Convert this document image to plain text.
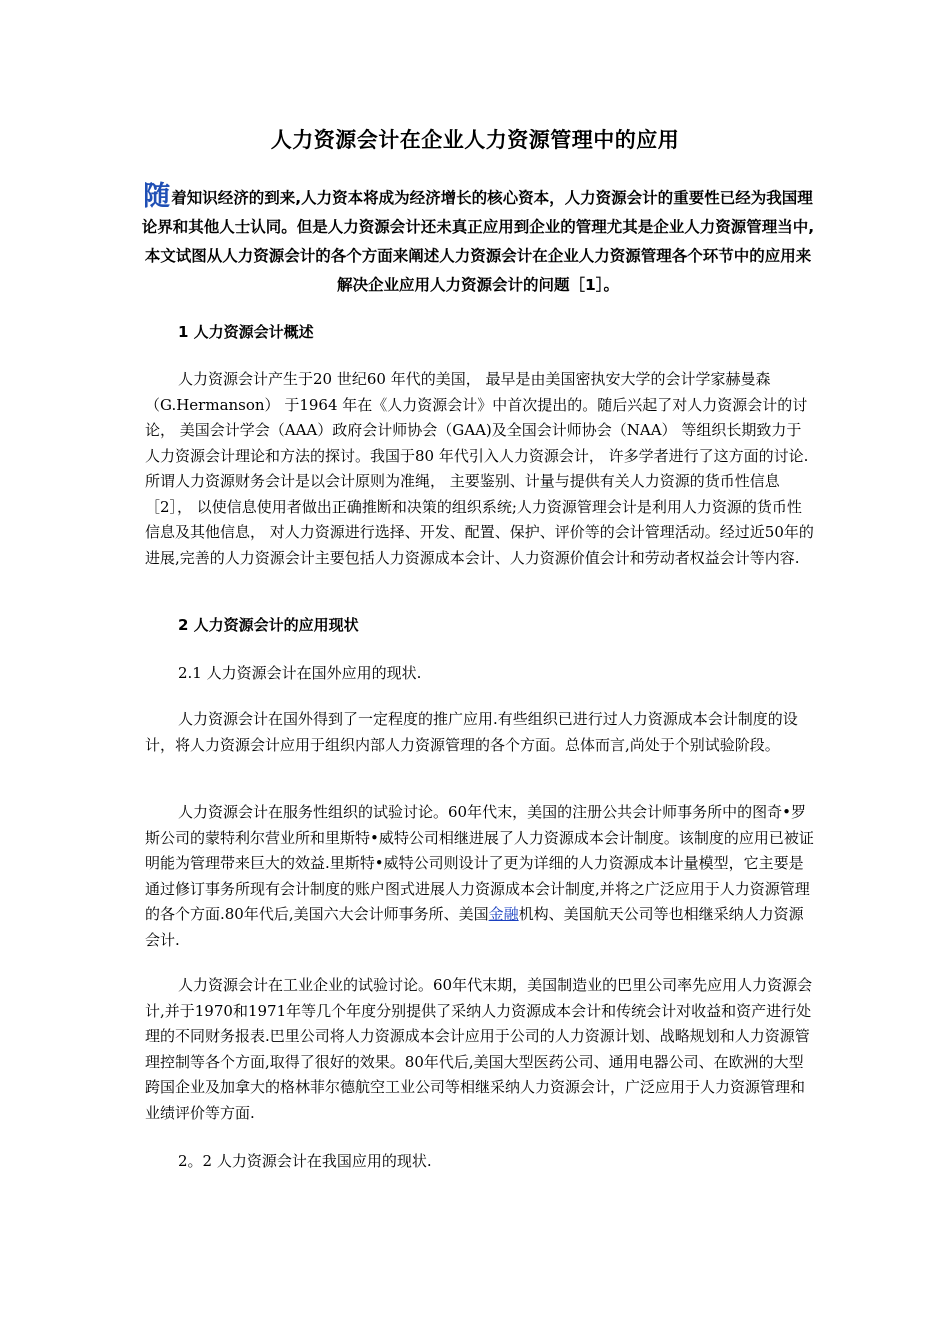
人力资源会计在企业人力资源管理中的应用
随着知识经济的到来,人力资本将成为经济增长的核心资本，人力资源会计的重要性已经为我国理论界和其他人士认同。但是人力资源会计还未真正应用到企业的管理尤其是企业人力资源管理当中,本文试图从人力资源会计的各个方面来阐述人力资源会计在企业人力资源管理各个环节中的应用来解决企业应用人力资源会计的问题［1］。
1 人力资源会计概述
人力资源会计产生于20 世纪60 年代的美国， 最早是由美国密执安大学的会计学家赫曼森（G.Hermanson） 于1964 年在《人力资源会计》中首次提出的。随后兴起了对人力资源会计的讨论， 美国会计学会（AAA）政府会计师协会（GAA)及全国会计师协会（NAA） 等组织长期致力于人力资源会计理论和方法的探讨。我国于80 年代引入人力资源会计， 许多学者进行了这方面的讨论.所谓人力资源财务会计是以会计原则为准绳， 主要鉴别、计量与提供有关人力资源的货币性信息［2］， 以使信息使用者做出正确推断和决策的组织系统;人力资源管理会计是利用人力资源的货币性信息及其他信息， 对人力资源进行选择、开发、配置、保护、评价等的会计管理活动。经过近50年的进展,完善的人力资源会计主要包括人力资源成本会计、人力资源价值会计和劳动者权益会计等内容.
2 人力资源会计的应用现状
2.1 人力资源会计在国外应用的现状.
人力资源会计在国外得到了一定程度的推广应用.有些组织已进行过人力资源成本会计制度的设计，将人力资源会计应用于组织内部人力资源管理的各个方面。总体而言,尚处于个别试验阶段。
人力资源会计在服务性组织的试验讨论。60年代末，美国的注册公共会计师事务所中的图奇•罗斯公司的蒙特利尔营业所和里斯特•威特公司相继进展了人力资源成本会计制度。该制度的应用已被证明能为管理带来巨大的效益.里斯特•威特公司则设计了更为详细的人力资源成本计量模型，它主要是通过修订事务所现有会计制度的账户图式进展人力资源成本会计制度,并将之广泛应用于人力资源管理的各个方面.80年代后,美国六大会计师事务所、美国金融机构、美国航天公司等也相继采纳人力资源会计.
人力资源会计在工业企业的试验讨论。60年代末期，美国制造业的巴里公司率先应用人力资源会计,并于1970和1971年等几个年度分别提供了采纳人力资源成本会计和传统会计对收益和资产进行处理的不同财务报表.巴里公司将人力资源成本会计应用于公司的人力资源计划、战略规划和人力资源管理控制等各个方面,取得了很好的效果。80年代后,美国大型医药公司、通用电器公司、在欧洲的大型跨国企业及加拿大的格林菲尔德航空工业公司等相继采纳人力资源会计，广泛应用于人力资源管理和业绩评价等方面.
2。2 人力资源会计在我国应用的现状.
